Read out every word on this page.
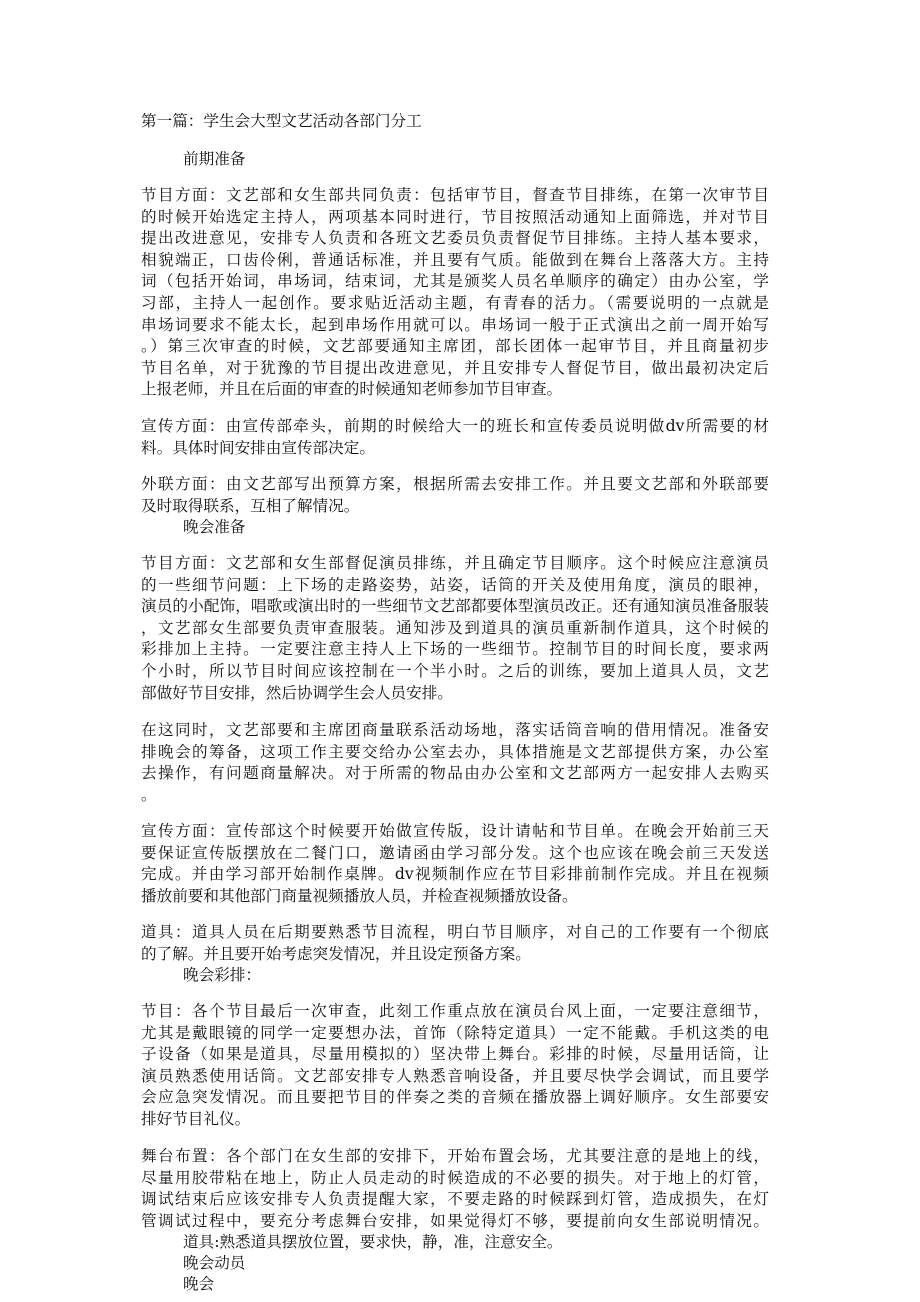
第一篇：学生会大型文艺活动各部门分工
前期准备
节目方面：文艺部和女生部共同负责：包括审节目，督查节目排练，在第一次审节目
的时候开始选定主持人，两项基本同时进行，节目按照活动通知上面筛选，并对节目
提出改进意见，安排专人负责和各班文艺委员负责督促节目排练。主持人基本要求，
相貌端正，口齿伶俐，普通话标准，并且要有气质。能做到在舞台上落落大方。主持
词（包括开始词，串场词，结束词，尤其是颁奖人员名单顺序的确定）由办公室，学
习部，主持人一起创作。要求贴近活动主题，有青春的活力。（需要说明的一点就是
串场词要求不能太长，起到串场作用就可以。串场词一般于正式演出之前一周开始写
。）第三次审查的时候，文艺部要通知主席团，部长团体一起审节目，并且商量初步
节目名单，对于犹豫的节目提出改进意见，并且安排专人督促节目，做出最初决定后
上报老师，并且在后面的审查的时候通知老师参加节目审查。
宣传方面：由宣传部牵头，前期的时候给大一的班长和宣传委员说明做dv所需要的材
料。具体时间安排由宣传部决定。
外联方面：由文艺部写出预算方案，根据所需去安排工作。并且要文艺部和外联部要
及时取得联系，互相了解情况。
晚会准备
节目方面：文艺部和女生部督促演员排练，并且确定节目顺序。这个时候应注意演员
的一些细节问题：上下场的走路姿势，站姿，话筒的开关及使用角度，演员的眼神，
演员的小配饰，唱歌或演出时的一些细节文艺部都要体型演员改正。还有通知演员准备服装
，文艺部女生部要负责审查服装。通知涉及到道具的演员重新制作道具，这个时候的
彩排加上主持。一定要注意主持人上下场的一些细节。控制节目的时间长度，要求两
个小时，所以节目时间应该控制在一个半小时。之后的训练，要加上道具人员，文艺
部做好节目安排，然后协调学生会人员安排。
在这同时，文艺部要和主席团商量联系活动场地，落实话筒音响的借用情况。准备安
排晚会的筹备，这项工作主要交给办公室去办，具体措施是文艺部提供方案，办公室
去操作，有问题商量解决。对于所需的物品由办公室和文艺部两方一起安排人去购买
。
宣传方面：宣传部这个时候要开始做宣传版，设计请帖和节目单。在晚会开始前三天
要保证宣传版摆放在二餐门口，邀请函由学习部分发。这个也应该在晚会前三天发送
完成。并由学习部开始制作桌牌。dv视频制作应在节目彩排前制作完成。并且在视频
播放前要和其他部门商量视频播放人员，并检查视频播放设备。
道具：道具人员在后期要熟悉节目流程，明白节目顺序，对自己的工作要有一个彻底
的了解。并且要开始考虑突发情况，并且设定预备方案。
晚会彩排：
节目：各个节目最后一次审查，此刻工作重点放在演员台风上面，一定要注意细节，
尤其是戴眼镜的同学一定要想办法，首饰（除特定道具）一定不能戴。手机这类的电
子设备（如果是道具，尽量用模拟的）坚决带上舞台。彩排的时候，尽量用话筒，让
演员熟悉使用话筒。文艺部安排专人熟悉音响设备，并且要尽快学会调试，而且要学
会应急突发情况。而且要把节目的伴奏之类的音频在播放器上调好顺序。女生部要安
排好节目礼仪。
舞台布置：各个部门在女生部的安排下，开始布置会场，尤其要注意的是地上的线，
尽量用胶带粘在地上，防止人员走动的时候造成的不必要的损失。对于地上的灯管，
调试结束后应该安排专人负责提醒大家，不要走路的时候踩到灯管，造成损失，在灯
管调试过程中，要充分考虑舞台安排，如果觉得灯不够，要提前向女生部说明情况。
道具:熟悉道具摆放位置，要求快，静，准，注意安全。
晚会动员
晚会
